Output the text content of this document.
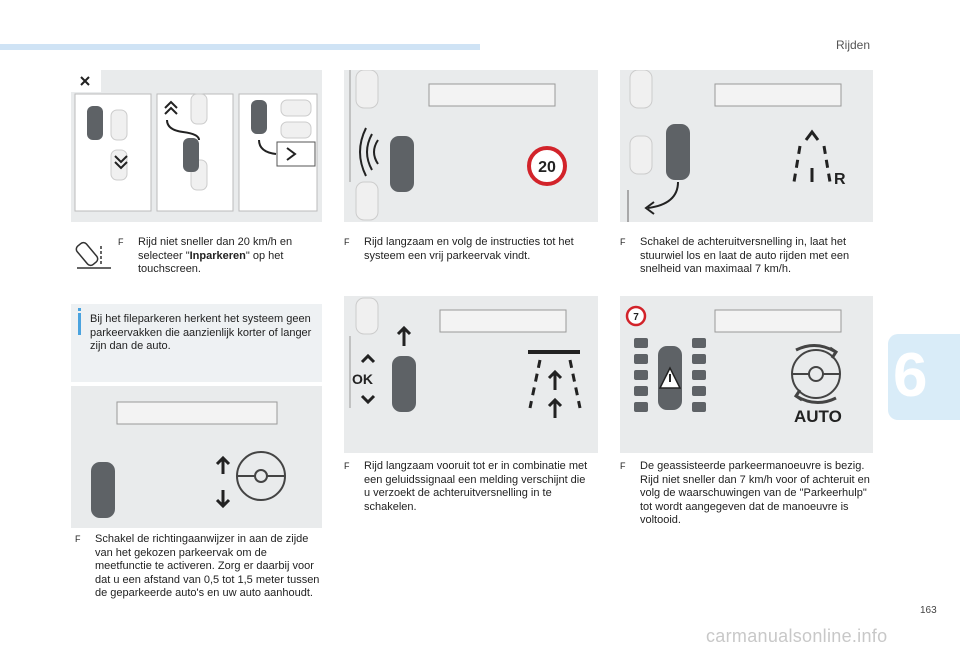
Rijden
6
163
carmanualsonline.info
20
R
F Rijd niet sneller dan 20 km/h en selecteer "Inparkeren" op het touchscreen.
Bij het fileparkeren herkent het systeem geen parkeervakken die aanzienlijk korter of langer zijn dan de auto.
F Schakel de richtingaanwijzer in aan de zijde van het gekozen parkeervak om de meetfunctie te activeren. Zorg er daarbij voor dat u een afstand van 0,5 tot 1,5 meter tussen de geparkeerde auto's en uw auto aanhoudt.
F Rijd langzaam en volg de instructies tot het systeem een vrij parkeervak vindt.
OK
F Rijd langzaam vooruit tot er in combinatie met een geluidssignaal een melding verschijnt die u verzoekt de achteruitversnelling in te schakelen.
F Schakel de achteruitversnelling in, laat het stuurwiel los en laat de auto rijden met een snelheid van maximaal 7 km/h.
7
AUTO
F De geassisteerde parkeermanoeuvre is bezig.
Rijd niet sneller dan 7 km/h voor of achteruit en volg de waarschuwingen van de "Parkeerhulp" tot wordt aangegeven dat de manoeuvre is voltooid.
